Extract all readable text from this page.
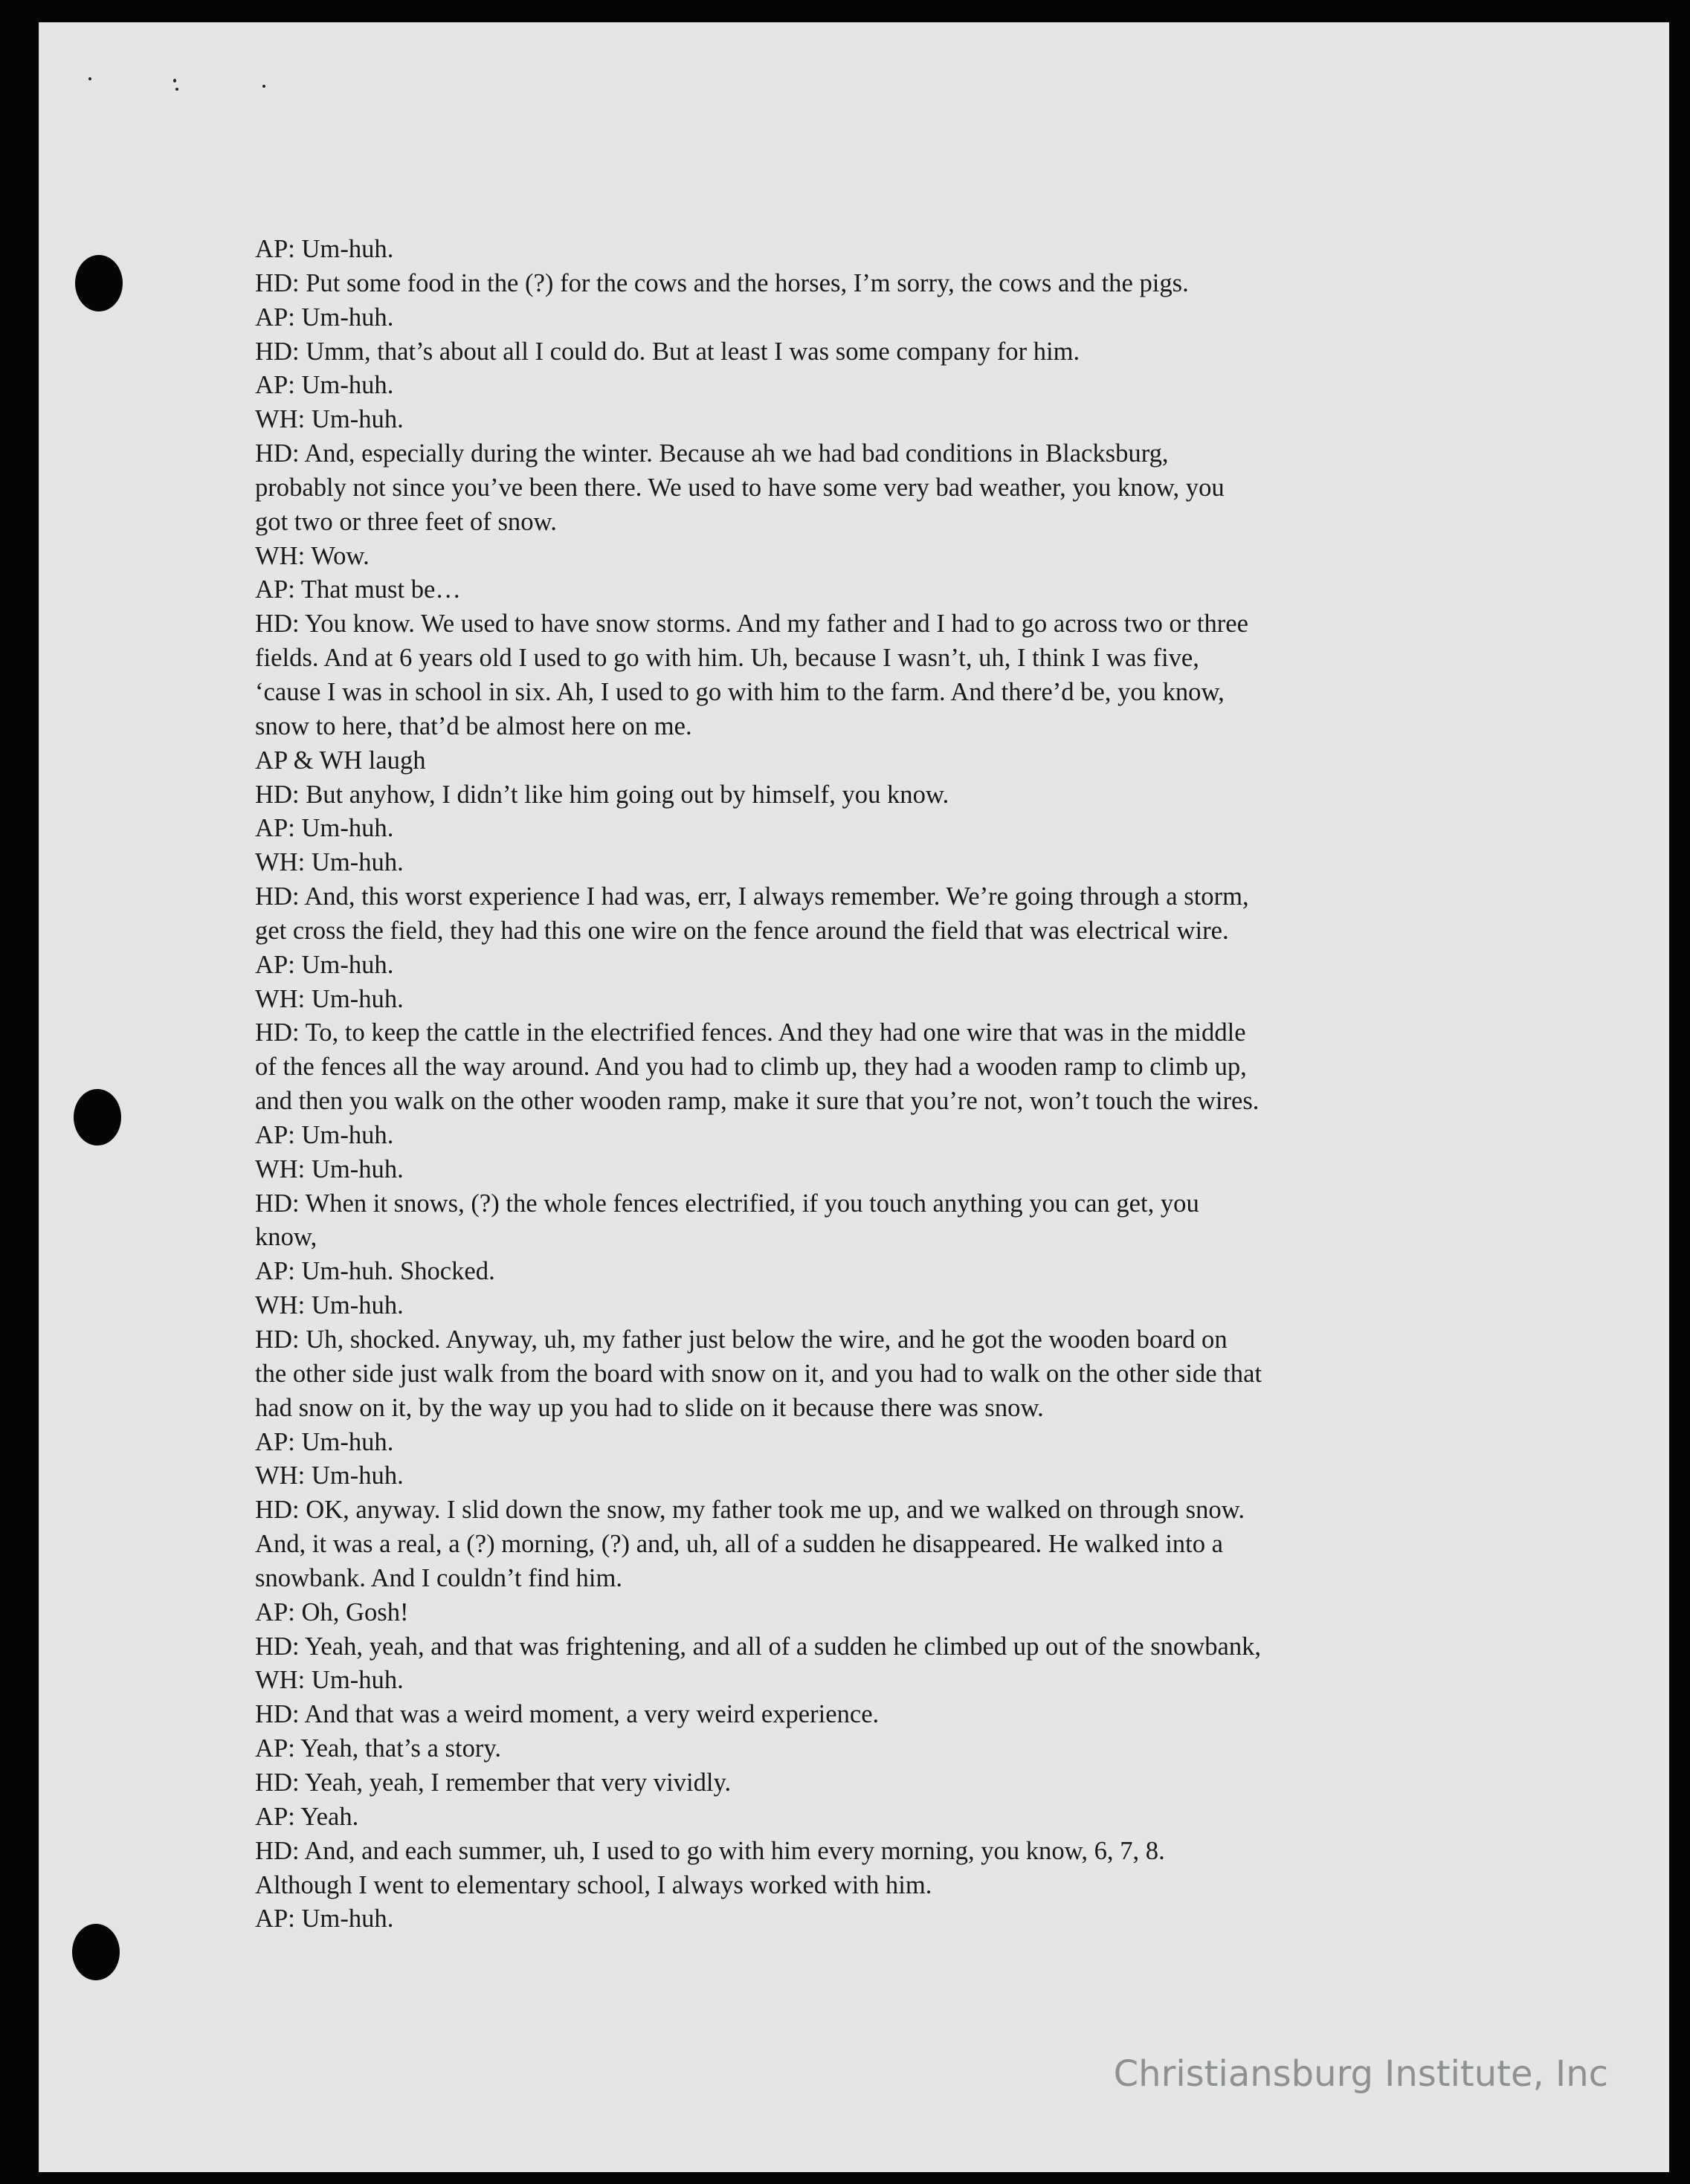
AP: Um-huh.
HD: Put some food in the (?) for the cows and the horses, I’m sorry, the cows and the pigs.
AP: Um-huh.
HD: Umm, that’s about all I could do. But at least I was some company for him.
AP: Um-huh.
WH: Um-huh.
HD: And, especially during the winter. Because ah we had bad conditions in Blacksburg,
probably not since you’ve been there. We used to have some very bad weather, you know, you
got two or three feet of snow.
WH: Wow.
AP: That must be…
HD: You know. We used to have snow storms. And my father and I had to go across two or three
fields. And at 6 years old I used to go with him. Uh, because I wasn’t, uh, I think I was five,
‘cause I was in school in six. Ah, I used to go with him to the farm. And there’d be, you know,
snow to here, that’d be almost here on me.
AP & WH laugh
HD: But anyhow, I didn’t like him going out by himself, you know.
AP: Um-huh.
WH: Um-huh.
HD: And, this worst experience I had was, err, I always remember. We’re going through a storm,
get cross the field, they had this one wire on the fence around the field that was electrical wire.
AP: Um-huh.
WH: Um-huh.
HD: To, to keep the cattle in the electrified fences. And they had one wire that was in the middle
of the fences all the way around. And you had to climb up, they had a wooden ramp to climb up,
and then you walk on the other wooden ramp, make it sure that you’re not, won’t touch the wires.
AP: Um-huh.
WH: Um-huh.
HD: When it snows, (?) the whole fences electrified, if you touch anything you can get, you
know,
AP: Um-huh. Shocked.
WH: Um-huh.
HD: Uh, shocked. Anyway, uh, my father just below the wire, and he got the wooden board on
the other side just walk from the board with snow on it, and you had to walk on the other side that
had snow on it, by the way up you had to slide on it because there was snow.
AP: Um-huh.
WH: Um-huh.
HD: OK, anyway. I slid down the snow, my father took me up, and we walked on through snow.
And, it was a real, a (?) morning, (?) and, uh, all of a sudden he disappeared. He walked into a
snowbank. And I couldn’t find him.
AP: Oh, Gosh!
HD: Yeah, yeah, and that was frightening, and all of a sudden he climbed up out of the snowbank,
WH: Um-huh.
HD: And that was a weird moment, a very weird experience.
AP: Yeah, that’s a story.
HD: Yeah, yeah, I remember that very vividly.
AP: Yeah.
HD: And, and each summer, uh, I used to go with him every morning, you know, 6, 7, 8.
Although I went to elementary school, I always worked with him.
AP: Um-huh.
Christiansburg Institute, Inc
